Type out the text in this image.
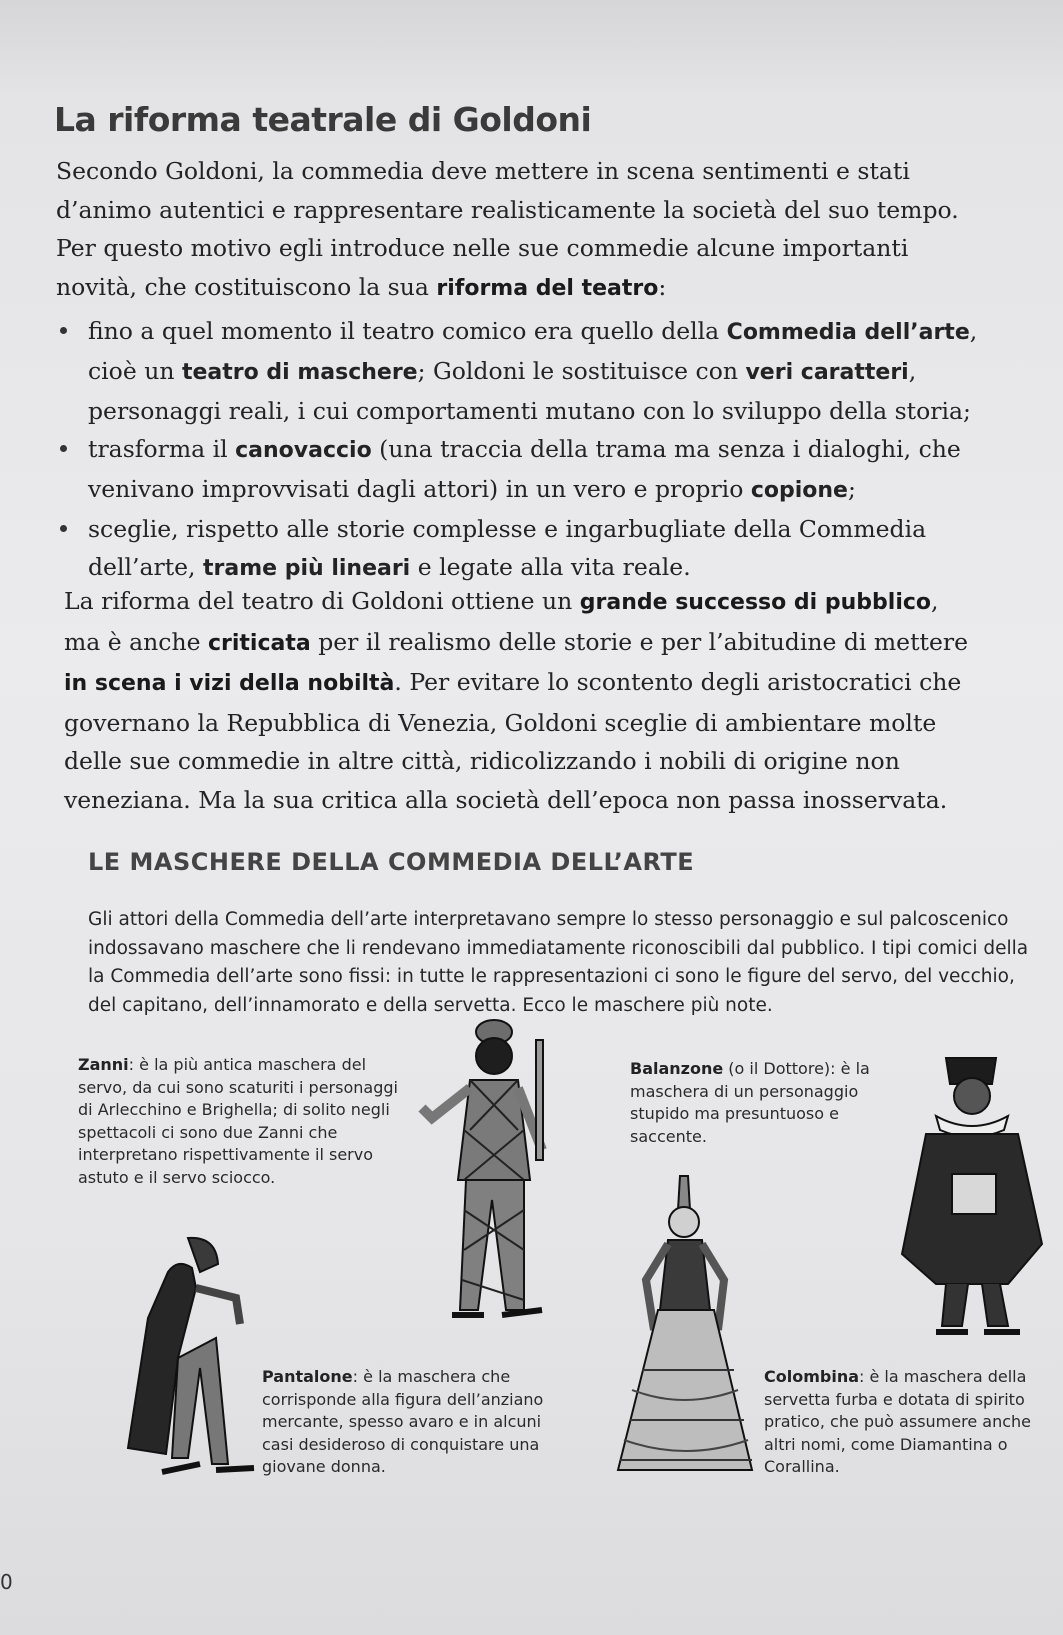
La riforma teatrale di Goldoni
Secondo Goldoni, la commedia deve mettere in scena sentimenti e stati
d’animo autentici e rappresentare realisticamente la società del suo tempo.
Per questo motivo egli introduce nelle sue commedie alcune importanti
novità, che costituiscono la sua riforma del teatro:
fino a quel momento il teatro comico era quello della Commedia dell’arte,
cioè un teatro di maschere; Goldoni le sostituisce con veri caratteri,
personaggi reali, i cui comportamenti mutano con lo sviluppo della storia;
trasforma il canovaccio (una traccia della trama ma senza i dialoghi, che
venivano improvvisati dagli attori) in un vero e proprio copione;
sceglie, rispetto alle storie complesse e ingarbugliate della Commedia
dell’arte, trame più lineari e legate alla vita reale.
La riforma del teatro di Goldoni ottiene un grande successo di pubblico,
ma è anche criticata per il realismo delle storie e per l’abitudine di mettere
in scena i vizi della nobiltà. Per evitare lo scontento degli aristocratici che
governano la Repubblica di Venezia, Goldoni sceglie di ambientare molte
delle sue commedie in altre città, ridicolizzando i nobili di origine non
veneziana. Ma la sua critica alla società dell’epoca non passa inosservata.
LE MASCHERE DELLA COMMEDIA DELL’ARTE
Gli attori della Commedia dell’arte interpretavano sempre lo stesso personaggio e sul palcoscenico
indossavano maschere che li rendevano immediatamente riconoscibili dal pubblico. I tipi comici della
la Commedia dell’arte sono fissi: in tutte le rappresentazioni ci sono le figure del servo, del vecchio,
del capitano, dell’innamorato e della servetta. Ecco le maschere più note.
Zanni: è la più antica maschera del servo, da cui sono scaturiti i personaggi di Arlecchino e Brighella; di solito negli spettacoli ci sono due Zanni che interpretano rispettivamente il servo astuto e il servo sciocco.
Balanzone (o il Dottore): è la maschera di un personaggio stupido ma presuntuoso e saccente.
Pantalone: è la maschera che corrisponde alla figura dell’anziano mercante, spesso avaro e in alcuni casi desideroso di conquistare una giovane donna.
Colombina: è la maschera della servetta furba e dotata di spirito pratico, che può assumere anche altri nomi, come Diamantina o Corallina.
0
